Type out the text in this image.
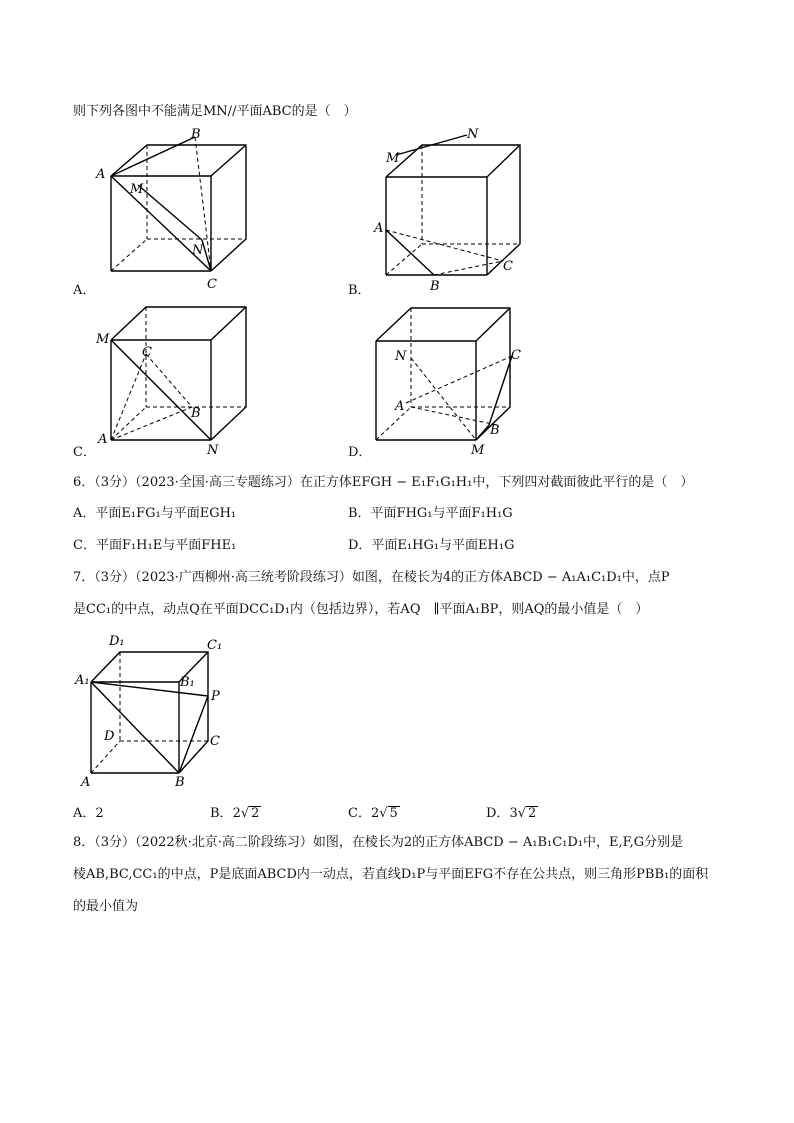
则下列各图中不能满足MN//平面ABC的是（　）
A
B
M
N
C
A．
M
N
A
B
C
B．
M
C
B
A
N
C．
N	C
A
B
M
D．
6．（3分）（2023·全国·高三专题练习）在正方体EFGH − E₁F₁G₁H₁中，下列四对截面彼此平行的是（　）
A．平面E₁FG₁与平面EGH₁	B．平面FHG₁与平面F₁H₁G
C．平面F₁H₁E与平面FHE₁	D．平面E₁HG₁与平面EH₁G
7．（3分）（2023·广西柳州·高三统考阶段练习）如图，在棱长为4的正方体ABCD − A₁A₁C₁D₁中，点P
是CC₁的中点，动点Q在平面DCC₁D₁内（包括边界），若AQ　∥平面A₁BP，则AQ的最小值是（　）
D₁	C₁
A₁	B₁
P
D	C
A	B
A．2	B．2√ 2	C．2√ 5	D．3√ 2
8．（3分）（2022秋·北京·高二阶段练习）如图，在棱长为2的正方体ABCD − A₁B₁C₁D₁中，E,F,G分别是
棱AB,BC,CC₁的中点，P是底面ABCD内一动点，若直线D₁P与平面EFG不存在公共点，则三角形PBB₁的面积
的最小值为
